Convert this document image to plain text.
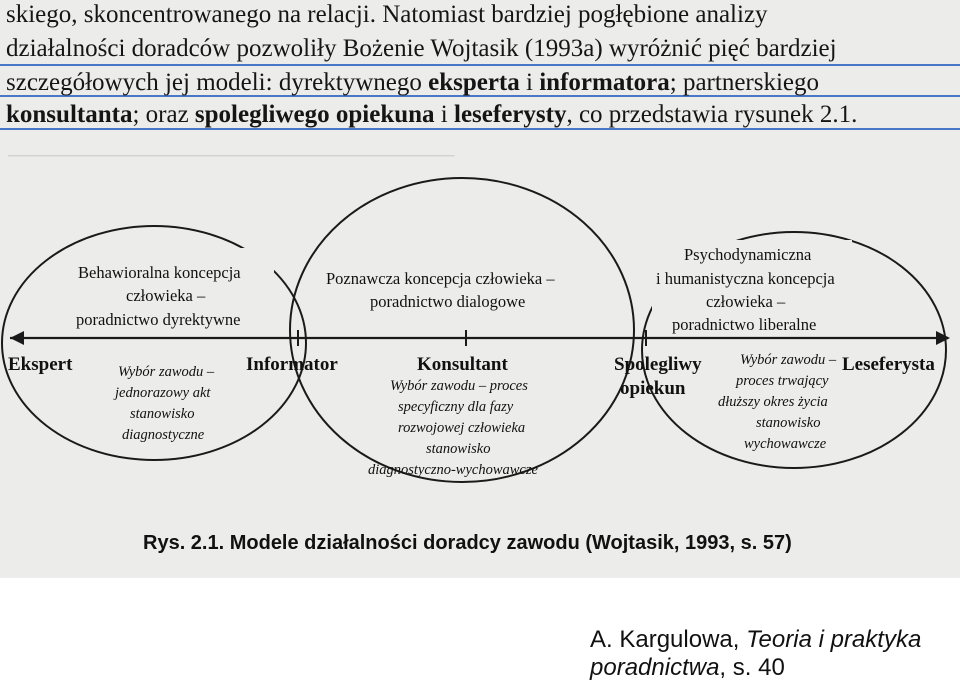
──────────────────────────────
skiego, skoncentrowanego na relacji. Natomiast bardziej pogłębione analizy
działalności doradców pozwoliły Bożenie Wojtasik (1993a) wyróżnić pięć bardziej
szczegółowych jej modeli: dyrektywnego eksperta i informatora; partnerskiego
konsultanta; oraz spolegliwego opiekuna i leseferysty, co przedstawia rysunek 2.1.
Ekspert	Informator	Konsultant	Spolegliwy
opiekun
Leseferysta
Behawioralna koncepcja
człowieka –
poradnictwo dyrektywne
Wybór zawodu –
jednorazowy akt
stanowisko
diagnostyczne
Poznawcza koncepcja człowieka –
poradnictwo dialogowe
Wybór zawodu – proces
specyficzny dla fazy
rozwojowej człowieka
stanowisko
diagnostyczno-wychowawcze
Psychodynamiczna
i humanistyczna koncepcja
człowieka –
poradnictwo liberalne
Wybór zawodu –
proces trwający
dłuższy okres życia
stanowisko
wychowawcze
Rys. 2.1. Modele działalności doradcy zawodu (Wojtasik, 1993, s. 57)
A. Kargulowa, Teoria i praktyka
poradnictwa, s. 40
